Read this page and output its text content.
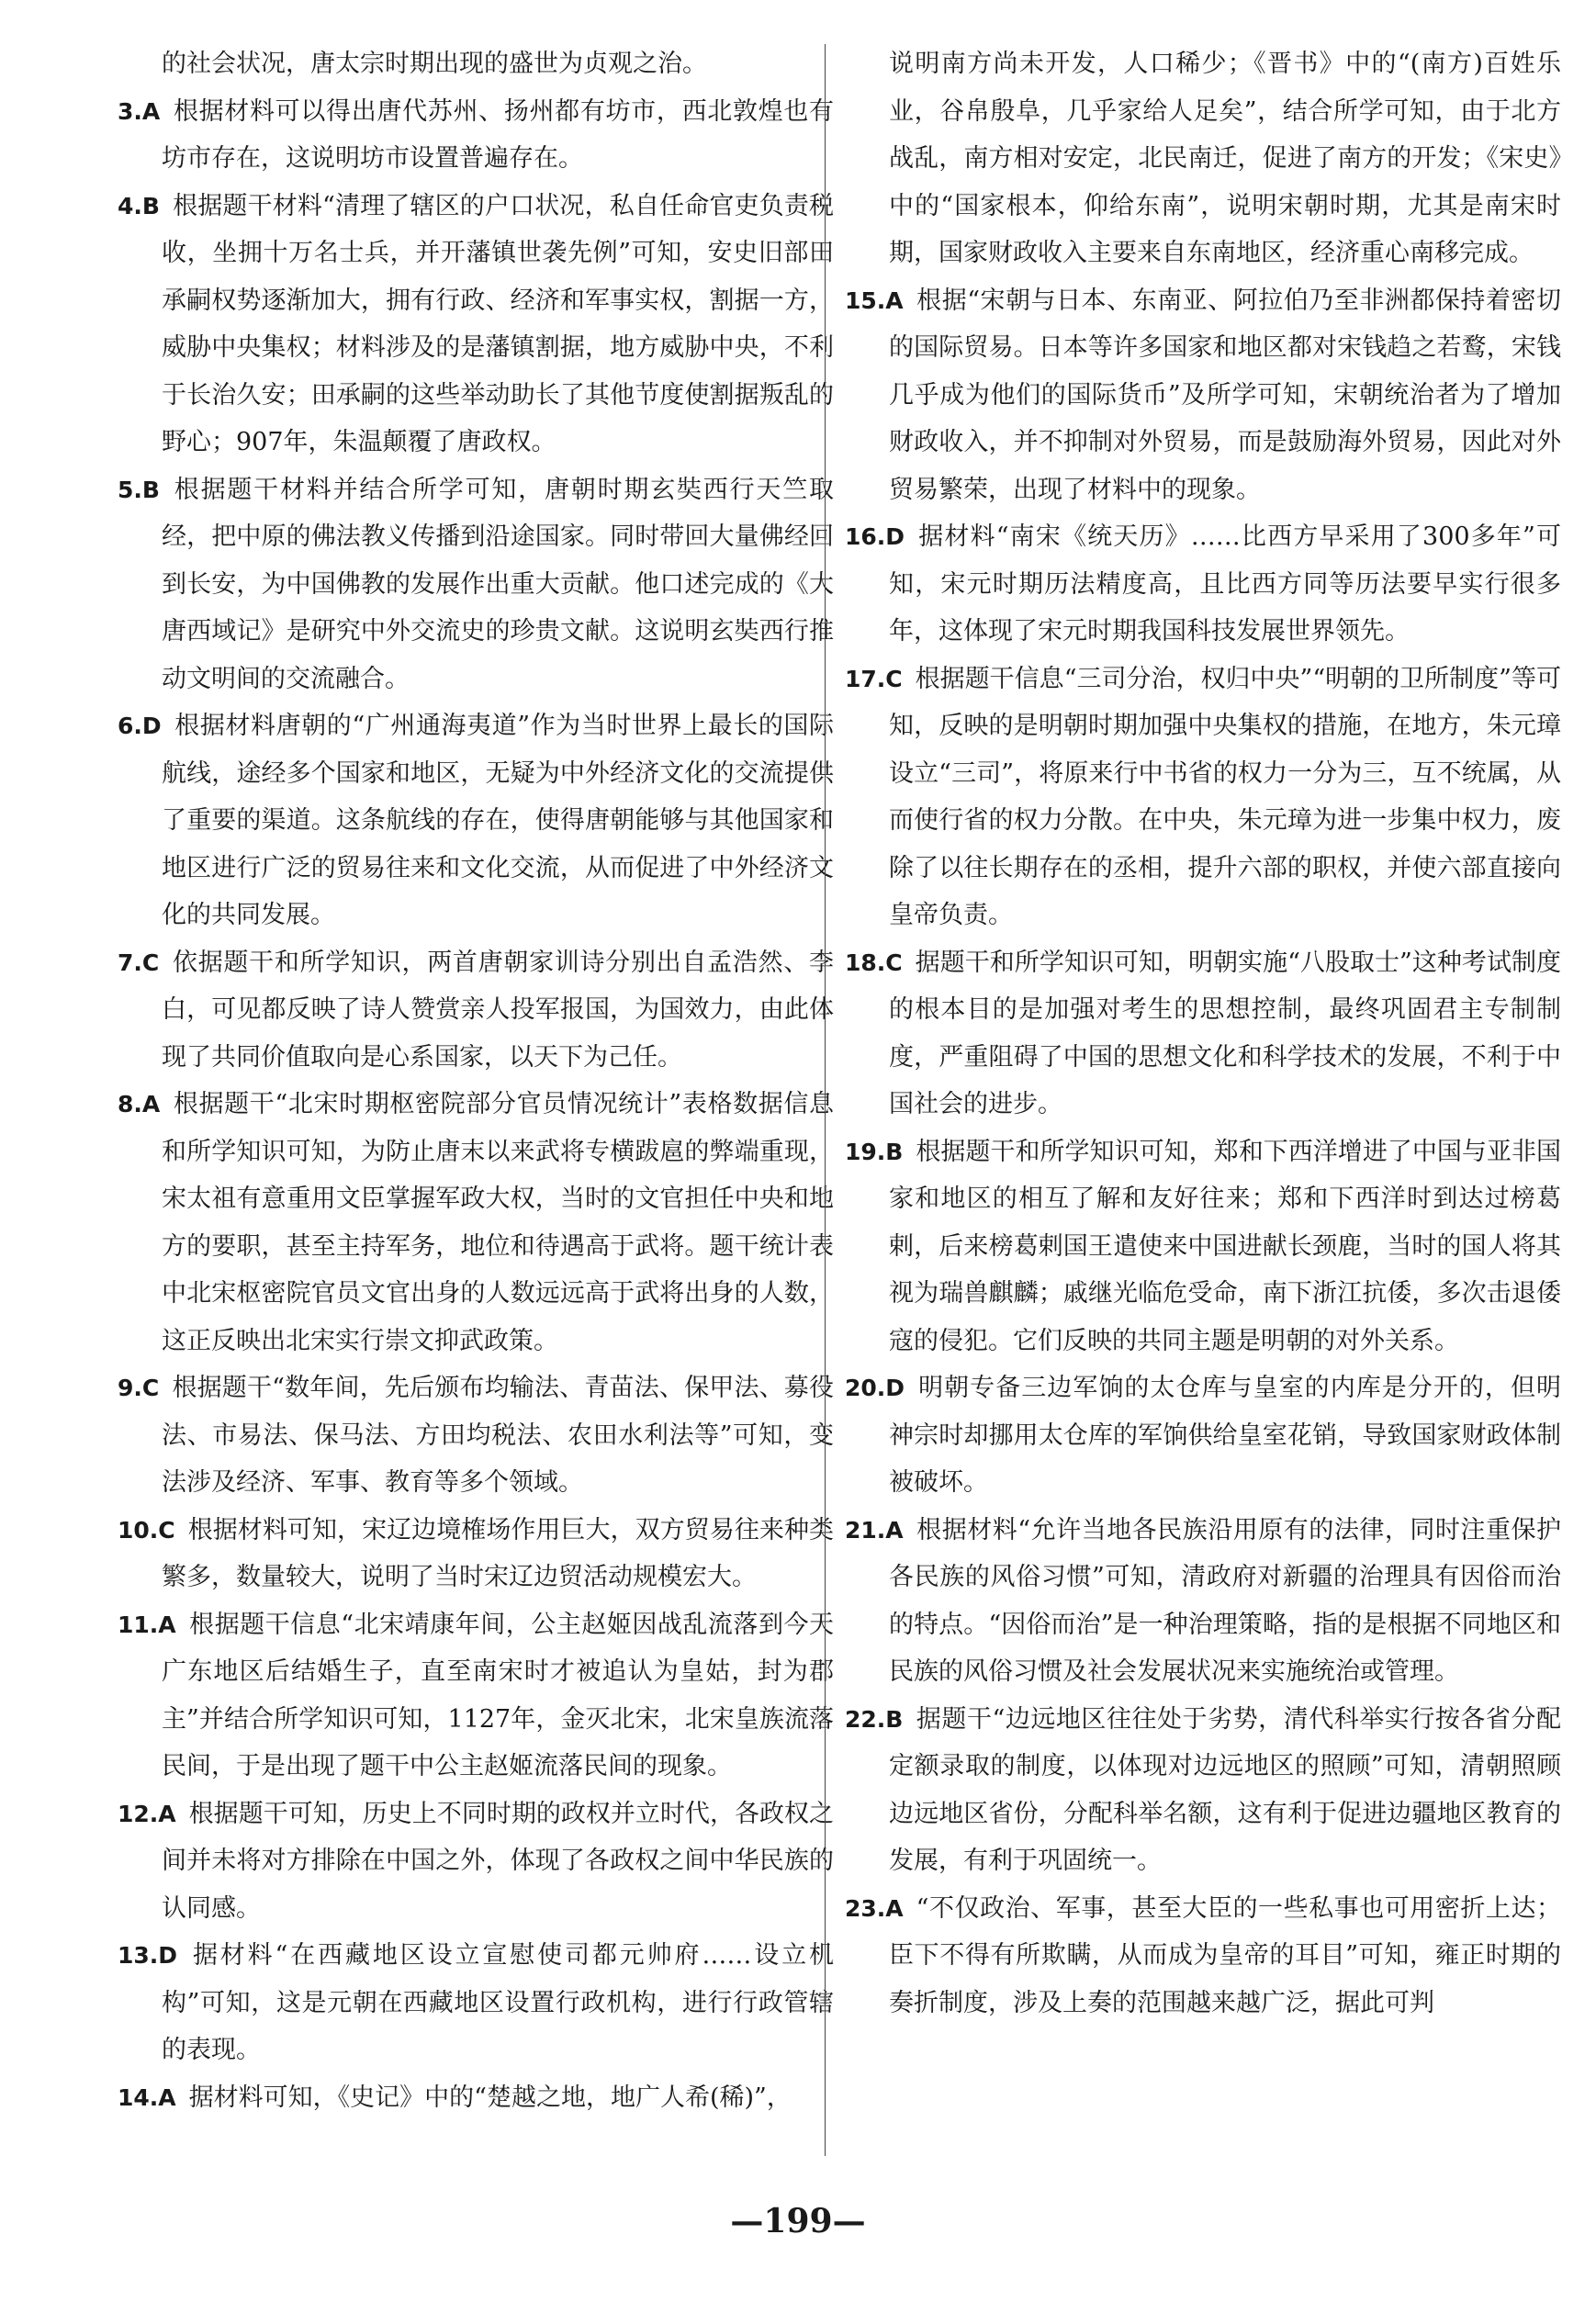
的社会状况，唐太宗时期出现的盛世为贞观之治。

3.A 根据材料可以得出唐代苏州、扬州都有坊市，西北敦煌也有坊市存在，这说明坊市设置普遍存在。

4.B 根据题干材料“清理了辖区的户口状况，私自任命官吏负责税收，坐拥十万名士兵，并开藩镇世袭先例”可知，安史旧部田承嗣权势逐渐加大，拥有行政、经济和军事实权，割据一方，威胁中央集权；材料涉及的是藩镇割据，地方威胁中央，不利于长治久安；田承嗣的这些举动助长了其他节度使割据叛乱的野心；907年，朱温颠覆了唐政权。

5.B 根据题干材料并结合所学可知，唐朝时期玄奘西行天竺取经，把中原的佛法教义传播到沿途国家。同时带回大量佛经回到长安，为中国佛教的发展作出重大贡献。他口述完成的《大唐西域记》是研究中外交流史的珍贵文献。这说明玄奘西行推动文明间的交流融合。

6.D 根据材料唐朝的“广州通海夷道”作为当时世界上最长的国际航线，途经多个国家和地区，无疑为中外经济文化的交流提供了重要的渠道。这条航线的存在，使得唐朝能够与其他国家和地区进行广泛的贸易往来和文化交流，从而促进了中外经济文化的共同发展。

7.C 依据题干和所学知识，两首唐朝家训诗分别出自孟浩然、李白，可见都反映了诗人赞赏亲人投军报国，为国效力，由此体现了共同价值取向是心系国家，以天下为己任。

8.A 根据题干“北宋时期枢密院部分官员情况统计”表格数据信息和所学知识可知，为防止唐末以来武将专横跋扈的弊端重现，宋太祖有意重用文臣掌握军政大权，当时的文官担任中央和地方的要职，甚至主持军务，地位和待遇高于武将。题干统计表中北宋枢密院官员文官出身的人数远远高于武将出身的人数，这正反映出北宋实行崇文抑武政策。

9.C 根据题干“数年间，先后颁布均输法、青苗法、保甲法、募役法、市易法、保马法、方田均税法、农田水利法等”可知，变法涉及经济、军事、教育等多个领域。

10.C 根据材料可知，宋辽边境榷场作用巨大，双方贸易往来种类繁多，数量较大，说明了当时宋辽边贸活动规模宏大。

11.A 根据题干信息“北宋靖康年间，公主赵姬因战乱流落到今天广东地区后结婚生子，直至南宋时才被追认为皇姑，封为郡主”并结合所学知识可知，1127年，金灭北宋，北宋皇族流落民间，于是出现了题干中公主赵姬流落民间的现象。

12.A 根据题干可知，历史上不同时期的政权并立时代，各政权之间并未将对方排除在中国之外，体现了各政权之间中华民族的认同感。

13.D 据材料“在西藏地区设立宣慰使司都元帅府……设立机构”可知，这是元朝在西藏地区设置行政机构，进行行政管辖的表现。

14.A 据材料可知，《史记》中的“楚越之地，地广人希(稀)”，

说明南方尚未开发，人口稀少；《晋书》中的“(南方)百姓乐业，谷帛殷阜，几乎家给人足矣”，结合所学可知，由于北方战乱，南方相对安定，北民南迁，促进了南方的开发；《宋史》中的“国家根本，仰给东南”，说明宋朝时期，尤其是南宋时期，国家财政收入主要来自东南地区，经济重心南移完成。

15.A 根据“宋朝与日本、东南亚、阿拉伯乃至非洲都保持着密切的国际贸易。日本等许多国家和地区都对宋钱趋之若鹜，宋钱几乎成为他们的国际货币”及所学可知，宋朝统治者为了增加财政收入，并不抑制对外贸易，而是鼓励海外贸易，因此对外贸易繁荣，出现了材料中的现象。

16.D 据材料“南宋《统天历》……比西方早采用了300多年”可知，宋元时期历法精度高，且比西方同等历法要早实行很多年，这体现了宋元时期我国科技发展世界领先。

17.C 根据题干信息“三司分治，权归中央”“明朝的卫所制度”等可知，反映的是明朝时期加强中央集权的措施，在地方，朱元璋设立“三司”，将原来行中书省的权力一分为三，互不统属，从而使行省的权力分散。在中央，朱元璋为进一步集中权力，废除了以往长期存在的丞相，提升六部的职权，并使六部直接向皇帝负责。

18.C 据题干和所学知识可知，明朝实施“八股取士”这种考试制度的根本目的是加强对考生的思想控制，最终巩固君主专制制度，严重阻碍了中国的思想文化和科学技术的发展，不利于中国社会的进步。

19.B 根据题干和所学知识可知，郑和下西洋增进了中国与亚非国家和地区的相互了解和友好往来；郑和下西洋时到达过榜葛剌，后来榜葛剌国王遣使来中国进献长颈鹿，当时的国人将其视为瑞兽麒麟；戚继光临危受命，南下浙江抗倭，多次击退倭寇的侵犯。它们反映的共同主题是明朝的对外关系。

20.D 明朝专备三边军饷的太仓库与皇室的内库是分开的，但明神宗时却挪用太仓库的军饷供给皇室花销，导致国家财政体制被破坏。

21.A 根据材料“允许当地各民族沿用原有的法律，同时注重保护各民族的风俗习惯”可知，清政府对新疆的治理具有因俗而治的特点。“因俗而治”是一种治理策略，指的是根据不同地区和民族的风俗习惯及社会发展状况来实施统治或管理。

22.B 据题干“边远地区往往处于劣势，清代科举实行按各省分配定额录取的制度，以体现对边远地区的照顾”可知，清朝照顾边远地区省份，分配科举名额，这有利于促进边疆地区教育的发展，有利于巩固统一。

23.A “不仅政治、军事，甚至大臣的一些私事也可用密折上达；臣下不得有所欺瞒，从而成为皇帝的耳目”可知，雍正时期的奏折制度，涉及上奏的范围越来越广泛，据此可判

—199—
